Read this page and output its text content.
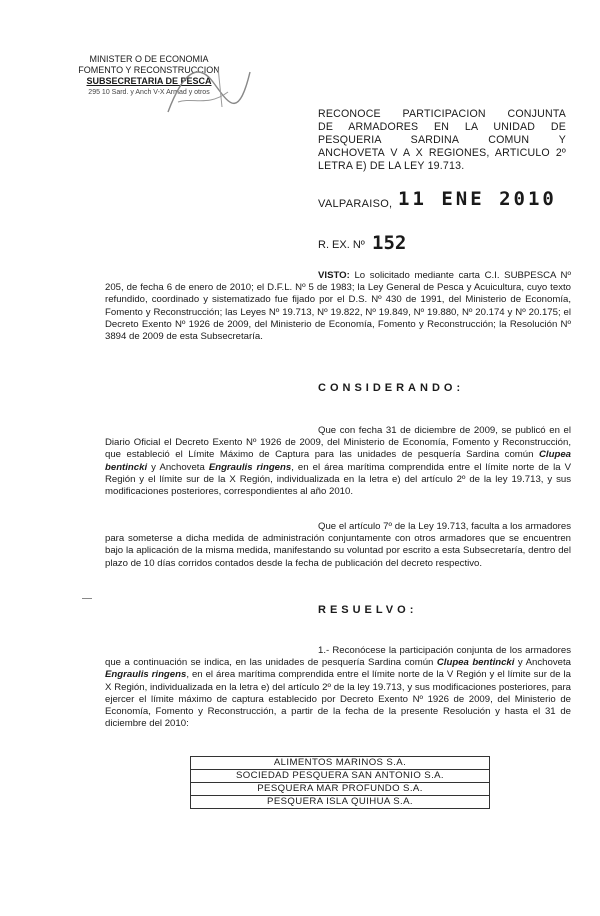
MINISTER O DE ECONOMIA
FOMENTO Y RECONSTRUCCION
SUBSECRETARIA DE PESCA
295 10 Sard. y Anch V-X Armad y otros
RECONOCE PARTICIPACION CONJUNTA
DE ARMADORES EN LA UNIDAD DE
PESQUERIA SARDINA COMUN Y
ANCHOVETA V A X REGIONES, ARTICULO 2º
LETRA E) DE LA LEY 19.713.
VALPARAISO, 11 ENE 2010
R. EX. Nº 152
VISTO: Lo solicitado mediante carta C.I. SUBPESCA Nº 205, de fecha 6 de enero de 2010; el D.F.L. Nº 5 de 1983; la Ley General de Pesca y Acuicultura, cuyo texto refundido, coordinado y sistematizado fue fijado por el D.S. Nº 430 de 1991, del Ministerio de Economía, Fomento y Reconstrucción; las Leyes Nº 19.713, Nº 19.822, Nº 19.849, Nº 19.880, Nº 20.174 y Nº 20.175; el Decreto Exento Nº 1926 de 2009, del Ministerio de Economía, Fomento y Reconstrucción; la Resolución Nº 3894 de 2009 de esta Subsecretaría.
CONSIDERANDO:
Que con fecha 31 de diciembre de 2009, se publicó en el Diario Oficial el Decreto Exento Nº 1926 de 2009, del Ministerio de Economía, Fomento y Reconstrucción, que estableció el Límite Máximo de Captura para las unidades de pesquería Sardina común Clupea bentincki y Anchoveta Engraulis ringens, en el área marítima comprendida entre el límite norte de la V Región y el límite sur de la X Región, individualizada en la letra e) del artículo 2º de la ley 19.713, y sus modificaciones posteriores, correspondientes al año 2010.
Que el artículo 7º de la Ley 19.713, faculta a los armadores para someterse a dicha medida de administración conjuntamente con otros armadores que se encuentren bajo la aplicación de la misma medida, manifestando su voluntad por escrito a esta Subsecretaría, dentro del plazo de 10 días corridos contados desde la fecha de publicación del decreto respectivo.
RESUELVO:
1.- Reconócese la participación conjunta de los armadores que a continuación se indica, en las unidades de pesquería Sardina común Clupea bentincki y Anchoveta Engraulis ringens, en el área marítima comprendida entre el límite norte de la V Región y el límite sur de la X Región, individualizada en la letra e) del artículo 2º de la ley 19.713, y sus modificaciones posteriores, para ejercer el límite máximo de captura establecido por Decreto Exento Nº 1926 de 2009, del Ministerio de Economía, Fomento y Reconstrucción, a partir de la fecha de la presente Resolución y hasta el 31 de diciembre del 2010:
ALIMENTOS MARINOS S.A.
SOCIEDAD PESQUERA SAN ANTONIO S.A.
PESQUERA MAR PROFUNDO S.A.
PESQUERA ISLA QUIHUA S.A.
